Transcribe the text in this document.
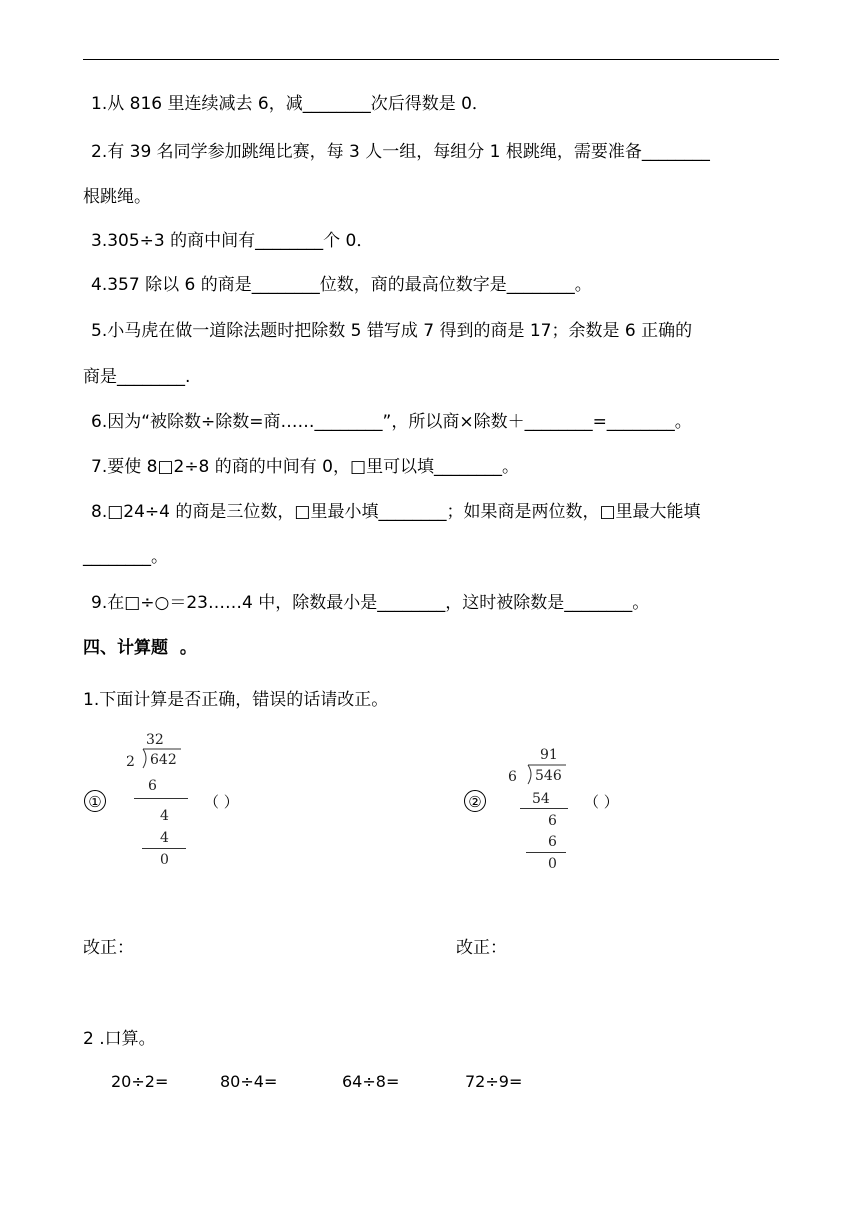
1.从 816 里连续减去 6，减________次后得数是 0．
2.有 39 名同学参加跳绳比赛，每 3 人一组，每组分 1 根跳绳，需要准备________
根跳绳。
3.305÷3 的商中间有________个 0．
4.357 除以 6 的商是________位数，商的最高位数字是________。
5.小马虎在做一道除法题时把除数 5 错写成 7 得到的商是 17；余数是 6 正确的
商是________.
6.因为“被除数÷除数=商……________”，所以商×除数＋________=________。
7.要使 8□2÷8 的商的中间有 0，□里可以填________。
8.□24÷4 的商是三位数，□里最小填________；如果商是两位数，□里最大能填
________。
9.在□÷○＝23……4 中，除数最小是________，这时被除数是________。
四、计算题  。
1.下面计算是否正确，错误的话请改正。
①
32
2 642
6
4
4
0
（ ）	②
91
6 546
54
6
6
0
（ ）
改正：	改正：
2 .口算。
20÷2=	80÷4=	64÷8=	72÷9=
